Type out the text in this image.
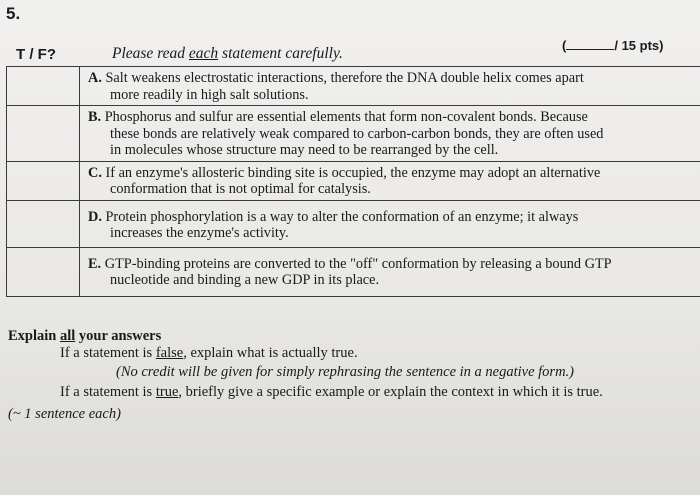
5.
(	/ 15 pts)
T / F?	Please read each statement carefully.

	A. Salt weakens electrostatic interactions, therefore the DNA double helix comes apart
more readily in high salt solutions.

	B. Phosphorus and sulfur are essential elements that form non-covalent bonds. Because
these bonds are relatively weak compared to carbon-carbon bonds, they are often used
in molecules whose structure may need to be rearranged by the cell.

	C. If an enzyme's allosteric binding site is occupied, the enzyme may adopt an alternative
conformation that is not optimal for catalysis.

	D. Protein phosphorylation is a way to alter the conformation of an enzyme; it always
increases the enzyme's activity.

	E. GTP-binding proteins are converted to the "off" conformation by releasing a bound GTP
nucleotide and binding a new GDP in its place.
Explain all your answers
If a statement is false, explain what is actually true.
(No credit will be given for simply rephrasing the sentence in a negative form.)
If a statement is true, briefly give a specific example or explain the context in which it is true.
(~ 1 sentence each)
